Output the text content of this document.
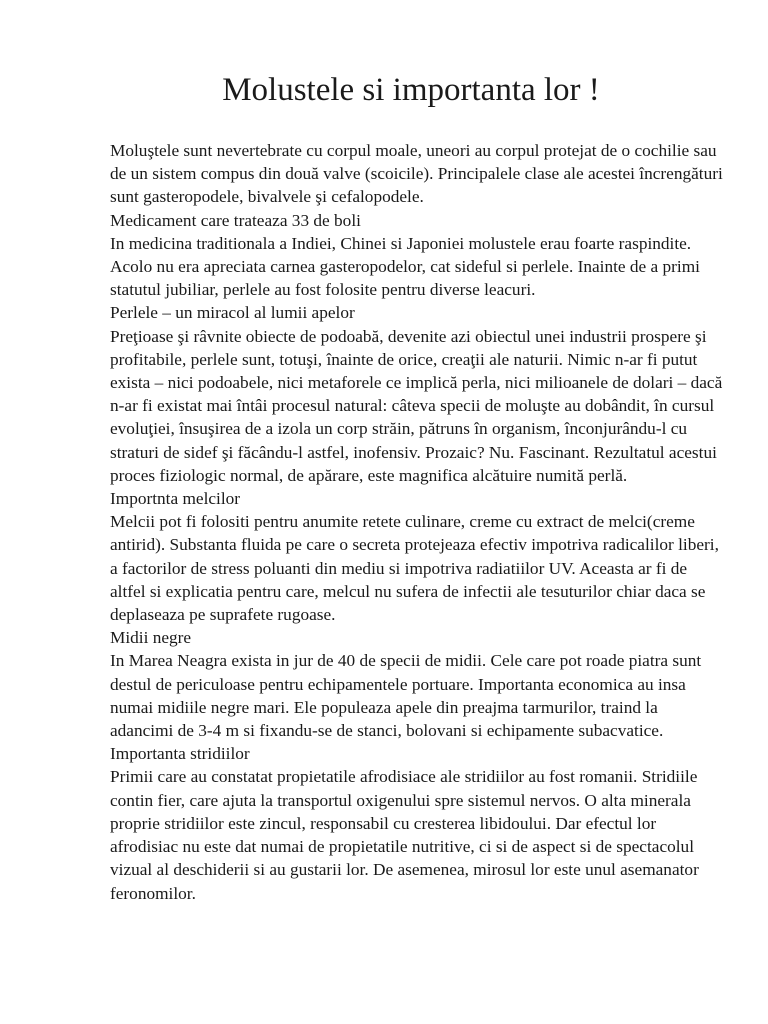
Molustele si importanta lor !

Moluştele sunt nevertebrate cu corpul moale, uneori au corpul protejat de o cochilie sau de un sistem compus din două valve (scoicile). Principalele clase ale acestei încrengături sunt gasteropodele, bivalvele şi cefalopodele.

Medicament care trateaza 33 de boli

In medicina traditionala a Indiei, Chinei si Japoniei molustele erau foarte raspindite. Acolo nu era apreciata carnea gasteropodelor, cat sideful si perlele. Inainte de a primi statutul jubiliar, perlele au fost folosite pentru diverse leacuri.

Perlele – un miracol al lumii apelor

Preţioase şi râvnite obiecte de podoabă, devenite azi obiectul unei industrii prospere şi profitabile, perlele sunt, totuşi, înainte de orice, creaţii ale naturii. Nimic n-ar fi putut exista – nici podoabele, nici metaforele ce implică perla, nici milioanele de dolari – dacă n-ar fi existat mai întâi procesul natural: câteva specii de moluşte au dobândit, în cursul evoluţiei, însuşirea de a izola un corp străin, pătruns în organism, înconjurându-l cu straturi de sidef şi făcându-l astfel, inofensiv. Prozaic? Nu. Fascinant. Rezultatul acestui proces fiziologic normal, de apărare, este magnifica alcătuire numită perlă.

Importnta melcilor

Melcii pot fi folositi pentru anumite retete culinare, creme cu extract de melci(creme antirid). Substanta fluida pe care o secreta protejeaza efectiv impotriva radicalilor liberi, a factorilor de stress poluanti din mediu si impotriva radiatiilor UV. Aceasta ar fi de altfel si explicatia pentru care, melcul nu sufera de infectii ale tesuturilor chiar daca se deplaseaza pe suprafete rugoase.

Midii negre

In Marea Neagra exista in jur de 40 de specii de midii. Cele care pot roade piatra sunt destul de periculoase pentru echipamentele portuare. Importanta economica au insa numai midiile negre mari. Ele populeaza apele din preajma tarmurilor, traind la adancimi de 3-4 m si fixandu-se de stanci, bolovani si echipamente subacvatice.

Importanta stridiilor

Primii care au constatat propietatile afrodisiace ale stridiilor au fost romanii. Stridiile contin fier, care ajuta la transportul oxigenului spre sistemul nervos. O alta minerala proprie stridiilor este zincul, responsabil cu cresterea libidoului. Dar efectul lor afrodisiac nu este dat numai de propietatile nutritive, ci si de aspect si de spectacolul vizual al deschiderii si au gustarii lor. De asemenea, mirosul lor este unul asemanator feronomilor.
